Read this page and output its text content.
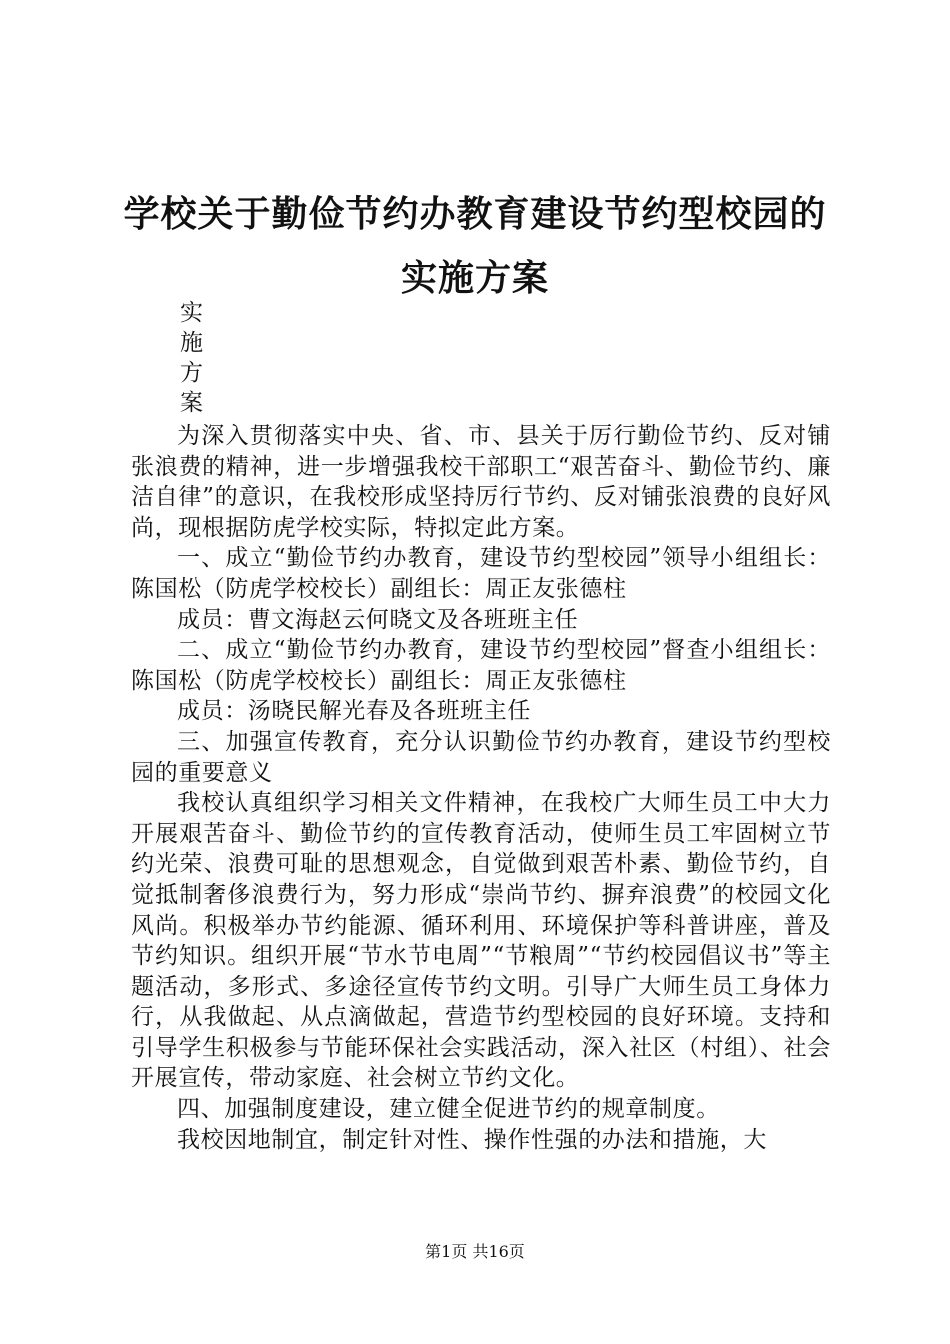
学校关于勤俭节约办教育建设节约型校园的实施方案
实
施
方
案

为深入贯彻落实中央、省、市、县关于厉行勤俭节约、反对铺张浪费的精神，进一步增强我校干部职工“艰苦奋斗、勤俭节约、廉洁自律”的意识，在我校形成坚持厉行节约、反对铺张浪费的良好风尚，现根据防虎学校实际，特拟定此方案。

一、成立“勤俭节约办教育，建设节约型校园”领导小组组长：陈国松（防虎学校校长）副组长：周正友张德柱

成员：曹文海赵云何晓文及各班班主任

二、成立“勤俭节约办教育，建设节约型校园”督查小组组长：陈国松（防虎学校校长）副组长：周正友张德柱

成员：汤晓民解光春及各班班主任

三、加强宣传教育，充分认识勤俭节约办教育，建设节约型校园的重要意义

我校认真组织学习相关文件精神，在我校广大师生员工中大力开展艰苦奋斗、勤俭节约的宣传教育活动，使师生员工牢固树立节约光荣、浪费可耻的思想观念，自觉做到艰苦朴素、勤俭节约，自觉抵制奢侈浪费行为，努力形成“崇尚节约、摒弃浪费”的校园文化风尚。积极举办节约能源、循环利用、环境保护等科普讲座，普及节约知识。组织开展“节水节电周”“节粮周”“节约校园倡议书”等主题活动，多形式、多途径宣传节约文明。引导广大师生员工身体力行，从我做起、从点滴做起，营造节约型校园的良好环境。支持和引导学生积极参与节能环保社会实践活动，深入社区（村组）、社会开展宣传，带动家庭、社会树立节约文化。

四、加强制度建设，建立健全促进节约的规章制度。

我校因地制宜，制定针对性、操作性强的办法和措施，大

第1页 共16页
